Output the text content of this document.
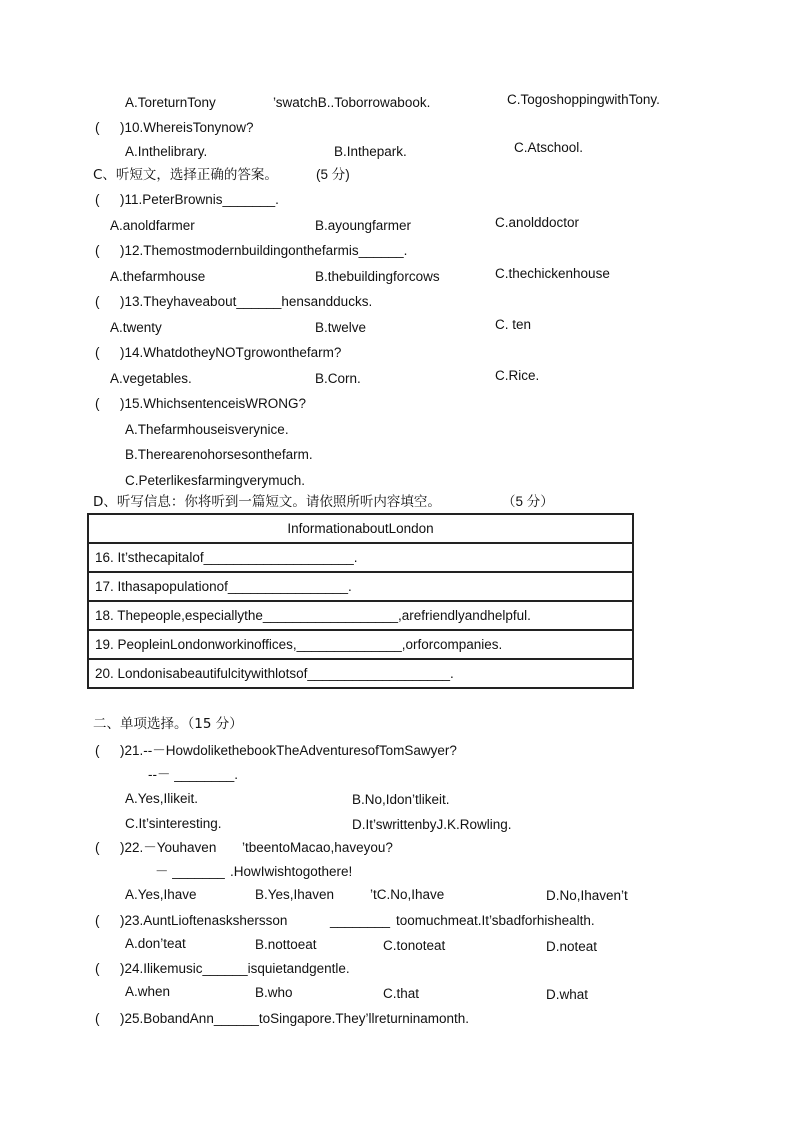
A.ToreturnTony	’swatchB..Toborrowabook.	C.TogoshoppingwithTony.
( )10.WhereisTonynow?
A.Inthelibrary.	B.Inthepark.	C.Atschool.
C、听短文，选择正确的答案。	(5 分)
( )11.PeterBrownis_______.
A.anoldfarmer	B.ayoungfarmer	C.anolddoctor
( )12.Themostmodernbuildingonthefarmis______.
A.thefarmhouse	B.thebuildingforcows	C.thechickenhouse
( )13.Theyhaveabout______hensandducks.
A.twenty	B.twelve	C. ten
( )14.WhatdotheyNOTgrowonthefarm?
A.vegetables.	B.Corn.	C.Rice.
( )15.WhichsentenceisWRONG?
A.Thefarmhouseisverynice.
B.Therearenohorsesonthefarm.
C.Peterlikesfarmingverymuch.
D、听写信息：你将听到一篇短文。请依照所听内容填空。	（5 分）
InformationaboutLondon
16. It’sthecapitalof____________________.
17. Ithasapopulationof________________.
18. Thepeople,especiallythe__________________,arefriendlyandhelpful.
19. PeopleinLondonworkinoffices,______________,orforcompanies.
20. Londonisabeautifulcitywithlotsof___________________.
二、单项选择。（15 分）
( )21.--－HowdolikethebookTheAdventuresofTomSawyer?
--－ ________.
A.Yes,Ilikeit.	B.No,Idon’tlikeit.
C.It’sinteresting.	D.It’swrittenbyJ.K.Rowling.
( )22.－Youhaven ’tbeentoMacao,haveyou?
－ _______ .HowIwishtogothere!
A.Yes,Ihave	B.Yes,Ihaven	’tC.No,Ihave	D.No,Ihaven’t
( )23.AuntLioftenaskshersson	________ toomuchmeat.It’sbadforhishealth.
A.don’teat	B.nottoeat	C.tonoteat	D.noteat
( )24.Ilikemusic______isquietandgentle.
A.when	B.who	C.that	D.what
( )25.BobandAnn______toSingapore.They’llreturninamonth.
